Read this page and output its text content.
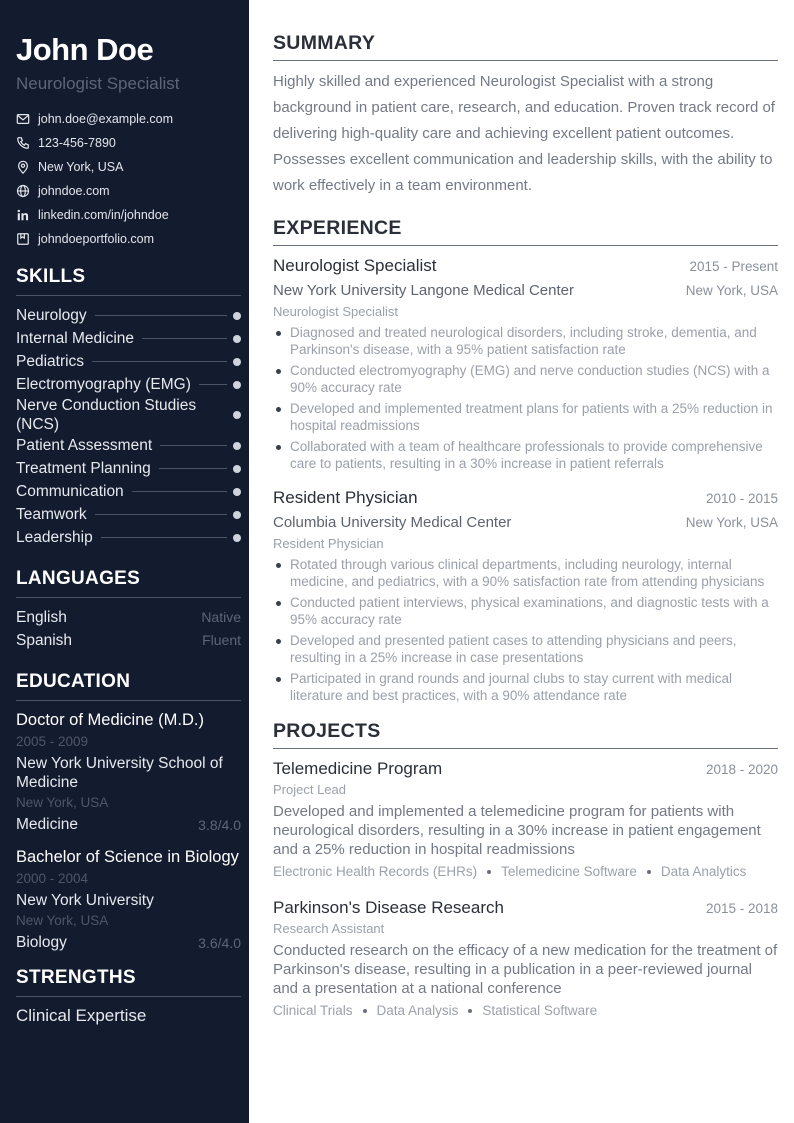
John Doe
Neurologist Specialist
john.doe@example.com
123-456-7890
New York, USA
johndoe.com
linkedin.com/in/johndoe
johndoeportfolio.com
SKILLS
Neurology
Internal Medicine
Pediatrics
Electromyography (EMG)
Nerve Conduction Studies (NCS)
Patient Assessment
Treatment Planning
Communication
Teamwork
Leadership
LANGUAGES
English	Native
Spanish	Fluent
EDUCATION
Doctor of Medicine (M.D.)
2005 - 2009
New York University School of Medicine
New York, USA
Medicine	3.8/4.0
Bachelor of Science in Biology
2000 - 2004
New York University
New York, USA
Biology	3.6/4.0
STRENGTHS
Clinical Expertise
SUMMARY

Highly skilled and experienced Neurologist Specialist with a strong background in patient care, research, and education. Proven track record of delivering high-quality care and achieving excellent patient outcomes. Possesses excellent communication and leadership skills, with the ability to work effectively in a team environment.

EXPERIENCE
Neurologist Specialist	2015 - Present
New York University Langone Medical Center	New York, USA
Neurologist Specialist
Diagnosed and treated neurological disorders, including stroke, dementia, and Parkinson's disease, with a 95% patient satisfaction rate
Conducted electromyography (EMG) and nerve conduction studies (NCS) with a 90% accuracy rate
Developed and implemented treatment plans for patients with a 25% reduction in hospital readmissions
Collaborated with a team of healthcare professionals to provide comprehensive care to patients, resulting in a 30% increase in patient referrals
Resident Physician	2010 - 2015
Columbia University Medical Center	New York, USA
Resident Physician
Rotated through various clinical departments, including neurology, internal medicine, and pediatrics, with a 90% satisfaction rate from attending physicians
Conducted patient interviews, physical examinations, and diagnostic tests with a 95% accuracy rate
Developed and presented patient cases to attending physicians and peers, resulting in a 25% increase in case presentations
Participated in grand rounds and journal clubs to stay current with medical literature and best practices, with a 90% attendance rate
PROJECTS
Telemedicine Program	2018 - 2020
Project Lead

Developed and implemented a telemedicine program for patients with neurological disorders, resulting in a 30% increase in patient engagement and a 25% reduction in hospital readmissions

Electronic Health Records (EHRs) Telemedicine Software Data Analytics
Parkinson's Disease Research	2015 - 2018
Research Assistant

Conducted research on the efficacy of a new medication for the treatment of Parkinson's disease, resulting in a publication in a peer-reviewed journal and a presentation at a national conference

Clinical Trials Data Analysis Statistical Software
